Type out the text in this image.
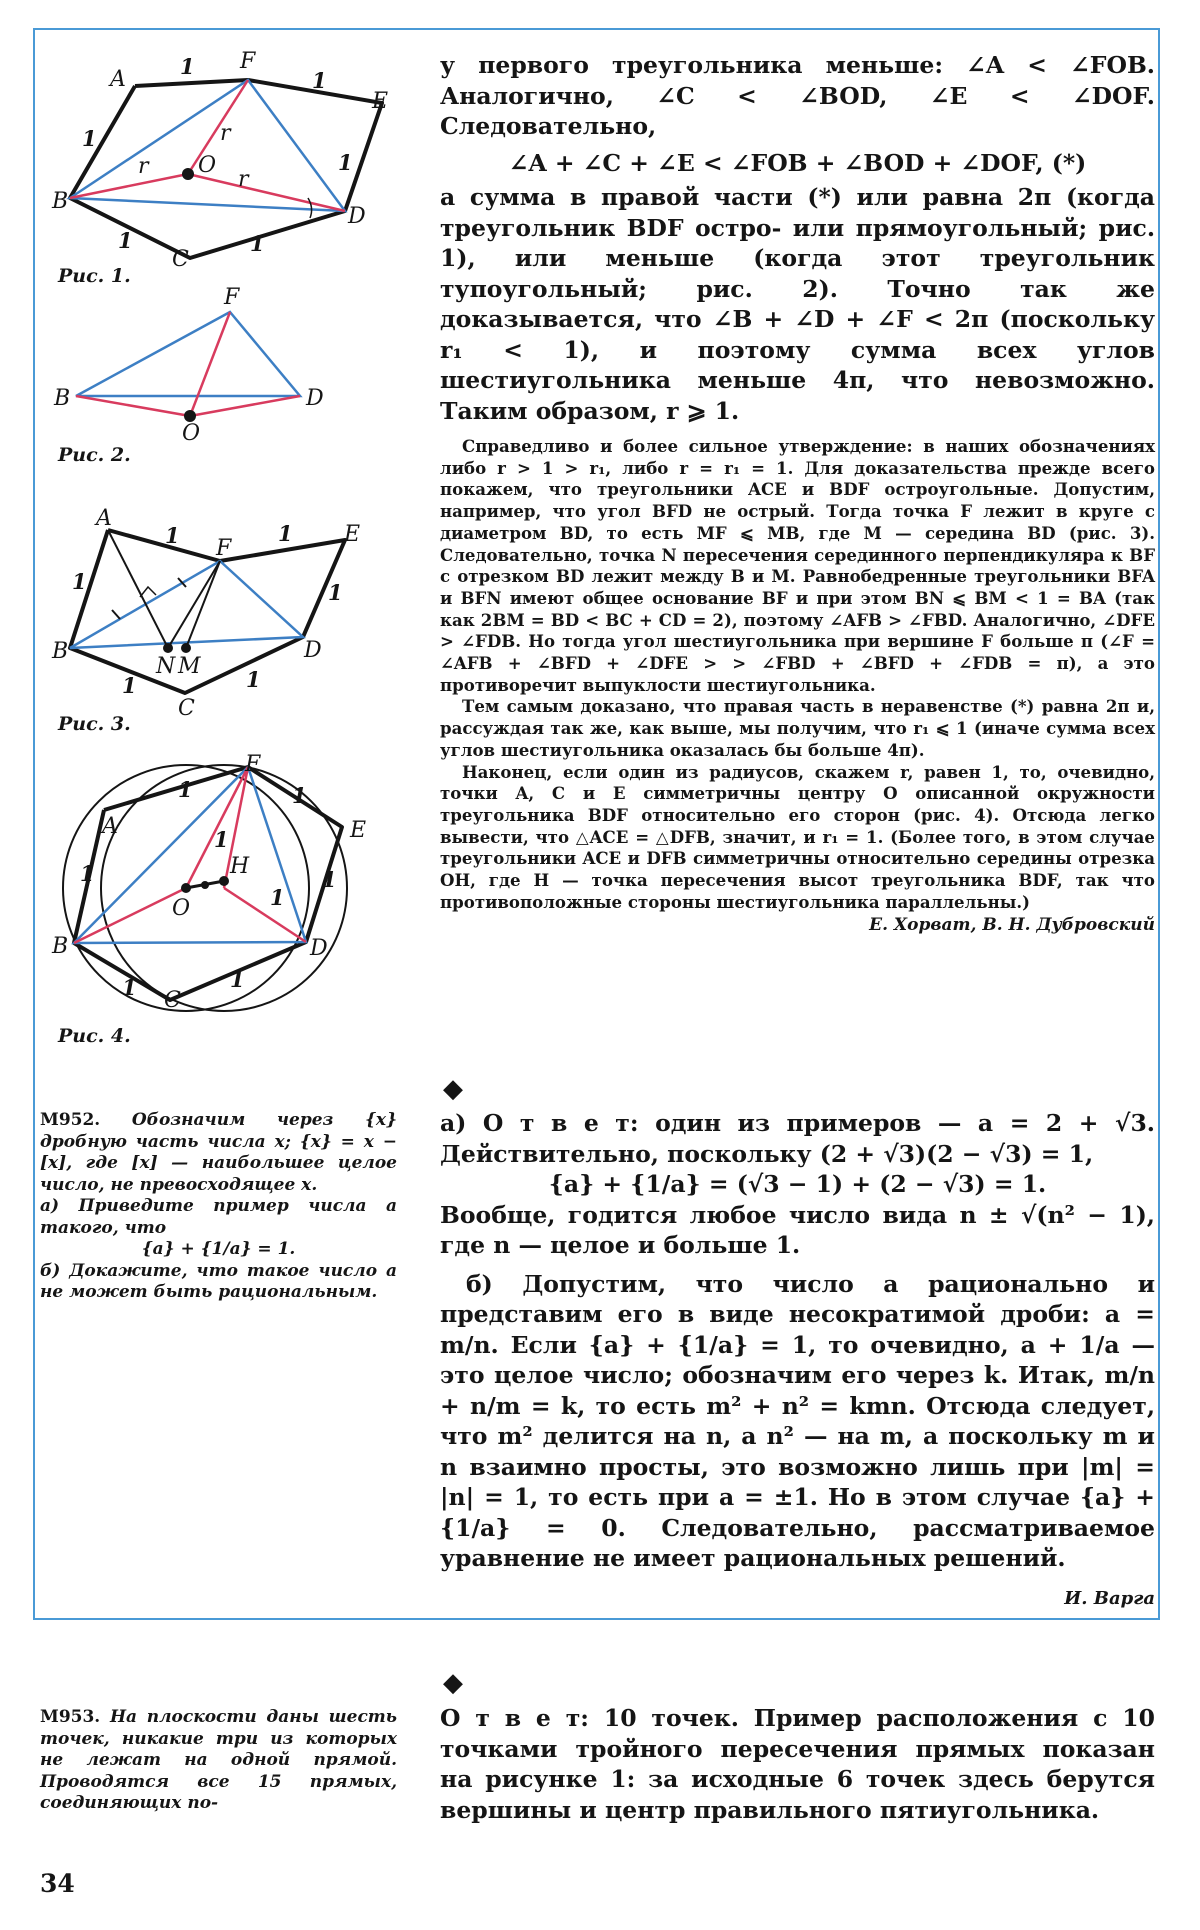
A
F
E
B
D
C
O
r
r
r
1
1
1
1
1	1
Рис. 1.
F
B	D
O
Рис. 2.
A
F
E
B	D
C
N M
1	1
1	1
1	1
Рис. 3.
A
F
E
B	D
C
O
H
1	1
1	1
1	1
1
1
Рис. 4.

у первого треугольника меньше: ∠A < ∠FOB. Аналогично, ∠C < ∠BOD, ∠E < ∠DOF. Следовательно,

∠A + ∠C + ∠E < ∠FOB + ∠BOD + ∠DOF, (*)

а сумма в правой части (*) или равна 2π (когда треугольник BDF остро- или прямоугольный; рис. 1), или меньше (когда этот треугольник тупоугольный; рис. 2). Точно так же доказывается, что ∠B + ∠D + ∠F < 2π (поскольку r₁ < 1), и поэтому сумма всех углов шестиугольника меньше 4π, что невозможно. Таким образом, r ⩾ 1.

Справедливо и более сильное утверждение: в наших обозначениях либо r > 1 > r₁, либо r = r₁ = 1. Для доказательства прежде всего покажем, что треугольники ACE и BDF остроугольные. Допустим, например, что угол BFD не острый. Тогда точка F лежит в круге с диаметром BD, то есть MF ⩽ MB, где M — середина BD (рис. 3). Следовательно, точка N пересечения серединного перпендикуляра к BF с отрезком BD лежит между B и M. Равнобедренные треугольники BFA и BFN имеют общее основание BF и при этом BN ⩽ BM < 1 = BA (так как 2BM = BD < BC + CD = 2), поэтому ∠AFB > ∠FBD. Аналогично, ∠DFE > ∠FDB. Но тогда угол шестиугольника при вершине F больше π (∠F = ∠AFB + ∠BFD + ∠DFE > > ∠FBD + ∠BFD + ∠FDB = π), а это противоречит выпуклости шестиугольника.

Тем самым доказано, что правая часть в неравенстве (*) равна 2π и, рассуждая так же, как выше, мы получим, что r₁ ⩽ 1 (иначе сумма всех углов шестиугольника оказалась бы больше 4π).

Наконец, если один из радиусов, скажем r, равен 1, то, очевидно, точки A, C и E симметричны центру O описанной окружности треугольника BDF относительно его сторон (рис. 4). Отсюда легко вывести, что △ACE = △DFB, значит, и r₁ = 1. (Более того, в этом случае треугольники ACE и DFB симметричны относительно середины отрезка OH, где H — точка пересечения высот треугольника BDF, так что противоположные стороны шестиугольника параллельны.)

Е. Хорват, В. Н. Дубровский
◆
М952. Обозначим через {x} дробную часть числа x; {x} = x − [x], где [x] — наибольшее целое число, не превосходящее x.
а) Приведите пример числа a такого, что
{a} + {1/a} = 1.
б) Докажите, что такое число a не может быть рациональным.

а) О т в е т: один из примеров — a = 2 + √3. Действительно, поскольку (2 + √3)(2 − √3) = 1,

{a} + {1/a} = (√3 − 1) + (2 − √3) = 1.

Вообще, годится любое число вида n ± √(n² − 1), где n — целое и больше 1.

б) Допустим, что число a рационально и представим его в виде несократимой дроби: a = m/n. Если {a} + {1/a} = 1, то очевидно, a + 1/a — это целое число; обозначим его через k. Итак, m/n + n/m = k, то есть m² + n² = kmn. Отсюда следует, что m² делится на n, а n² — на m, а поскольку m и n взаимно просты, это возможно лишь при |m| = |n| = 1, то есть при a = ±1. Но в этом случае {a} + {1/a} = 0. Следовательно, рассматриваемое уравнение не имеет рациональных решений.

И. Варга
◆
М953. На плоскости даны шесть точек, никакие три из которых не лежат на одной прямой. Проводятся все 15 прямых, соединяющих по-

О т в е т: 10 точек. Пример расположения с 10 точками тройного пересечения прямых показан на рисунке 1: за исходные 6 точек здесь берутся вершины и центр правильного пятиугольника.

34
